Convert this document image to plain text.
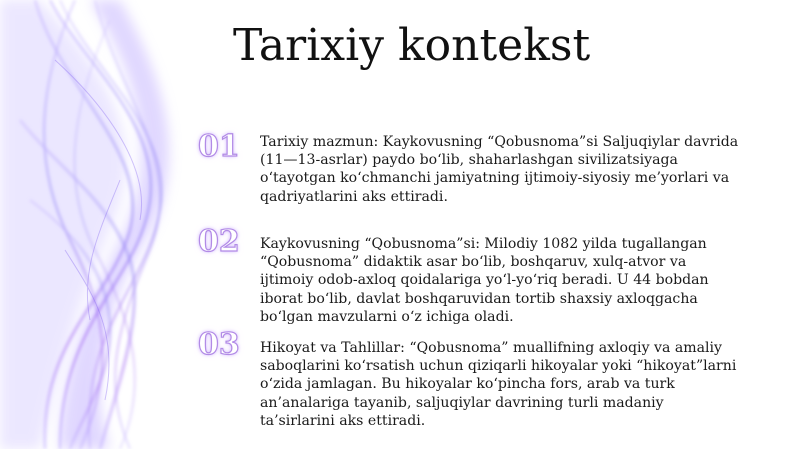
Tarixiy kontekst
01 Tarixiy mazmun: Kaykovusning “Qobusnoma”si Saljuqiylar davrida (11—13-asrlar) paydo bo‘lib, shaharlashgan sivilizatsiyaga o‘tayotgan ko‘chmanchi jamiyatning ijtimoiy-siyosiy me’yorlari va qadriyatlarini aks ettiradi.
02 Kaykovusning “Qobusnoma”si: Milodiy 1082 yilda tugallangan “Qobusnoma” didaktik asar bo‘lib, boshqaruv, xulq-atvor va ijtimoiy odob-axloq qoidalariga yo‘l-yo‘riq beradi. U 44 bobdan iborat bo‘lib, davlat boshqaruvidan tortib shaxsiy axloqgacha bo‘lgan mavzularni o‘z ichiga oladi.
03 Hikoyat va Tahlillar: “Qobusnoma” muallifning axloqiy va amaliy saboqlarini ko‘rsatish uchun qiziqarli hikoyalar yoki “hikoyat”larni o‘zida jamlagan. Bu hikoyalar ko‘pincha fors, arab va turk an’analariga tayanib, saljuqiylar davrining turli madaniy ta’sirlarini aks ettiradi.
